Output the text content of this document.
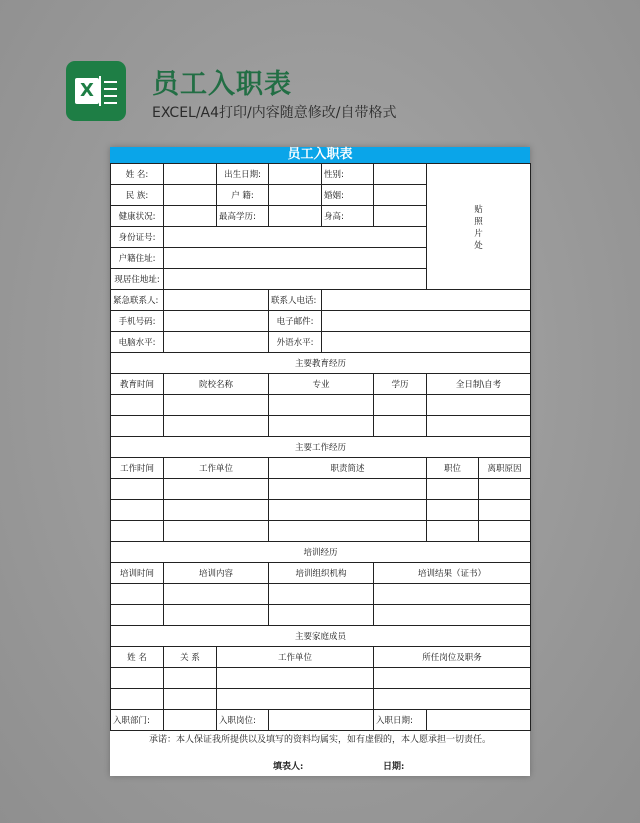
X 员工入职表
EXCEL/A4打印/内容随意修改/自带格式
员工入职表
姓 名:		出生日期:		性别:		贴
照
片
处	

民 族:		户 籍:		婚姻:			
健康状况:		最高学历:		身高:			
身份证号:							
户籍住址:							
现居住地址:							
紧急联系人:			联系人电话:				
手机号码:			电子邮件:				
电脑水平:			外语水平:				
主要教育经历							
教育时间	院校名称		专业		学历	全日制\自考	

主要工作经历							
工作时间	工作单位		职责简述			职位	离职原因

培训经历							
培训时间	培训内容		培训组织机构		培训结果（证书）		

主要家庭成员							
姓 名	关 系	工作单位			所任岗位及职务		

入职部门:		入职岗位:			入职日期:		
承诺：本人保证我所提供以及填写的资料均属实，如有虚假的，本人愿承担一切责任。
填表人:	日期:
